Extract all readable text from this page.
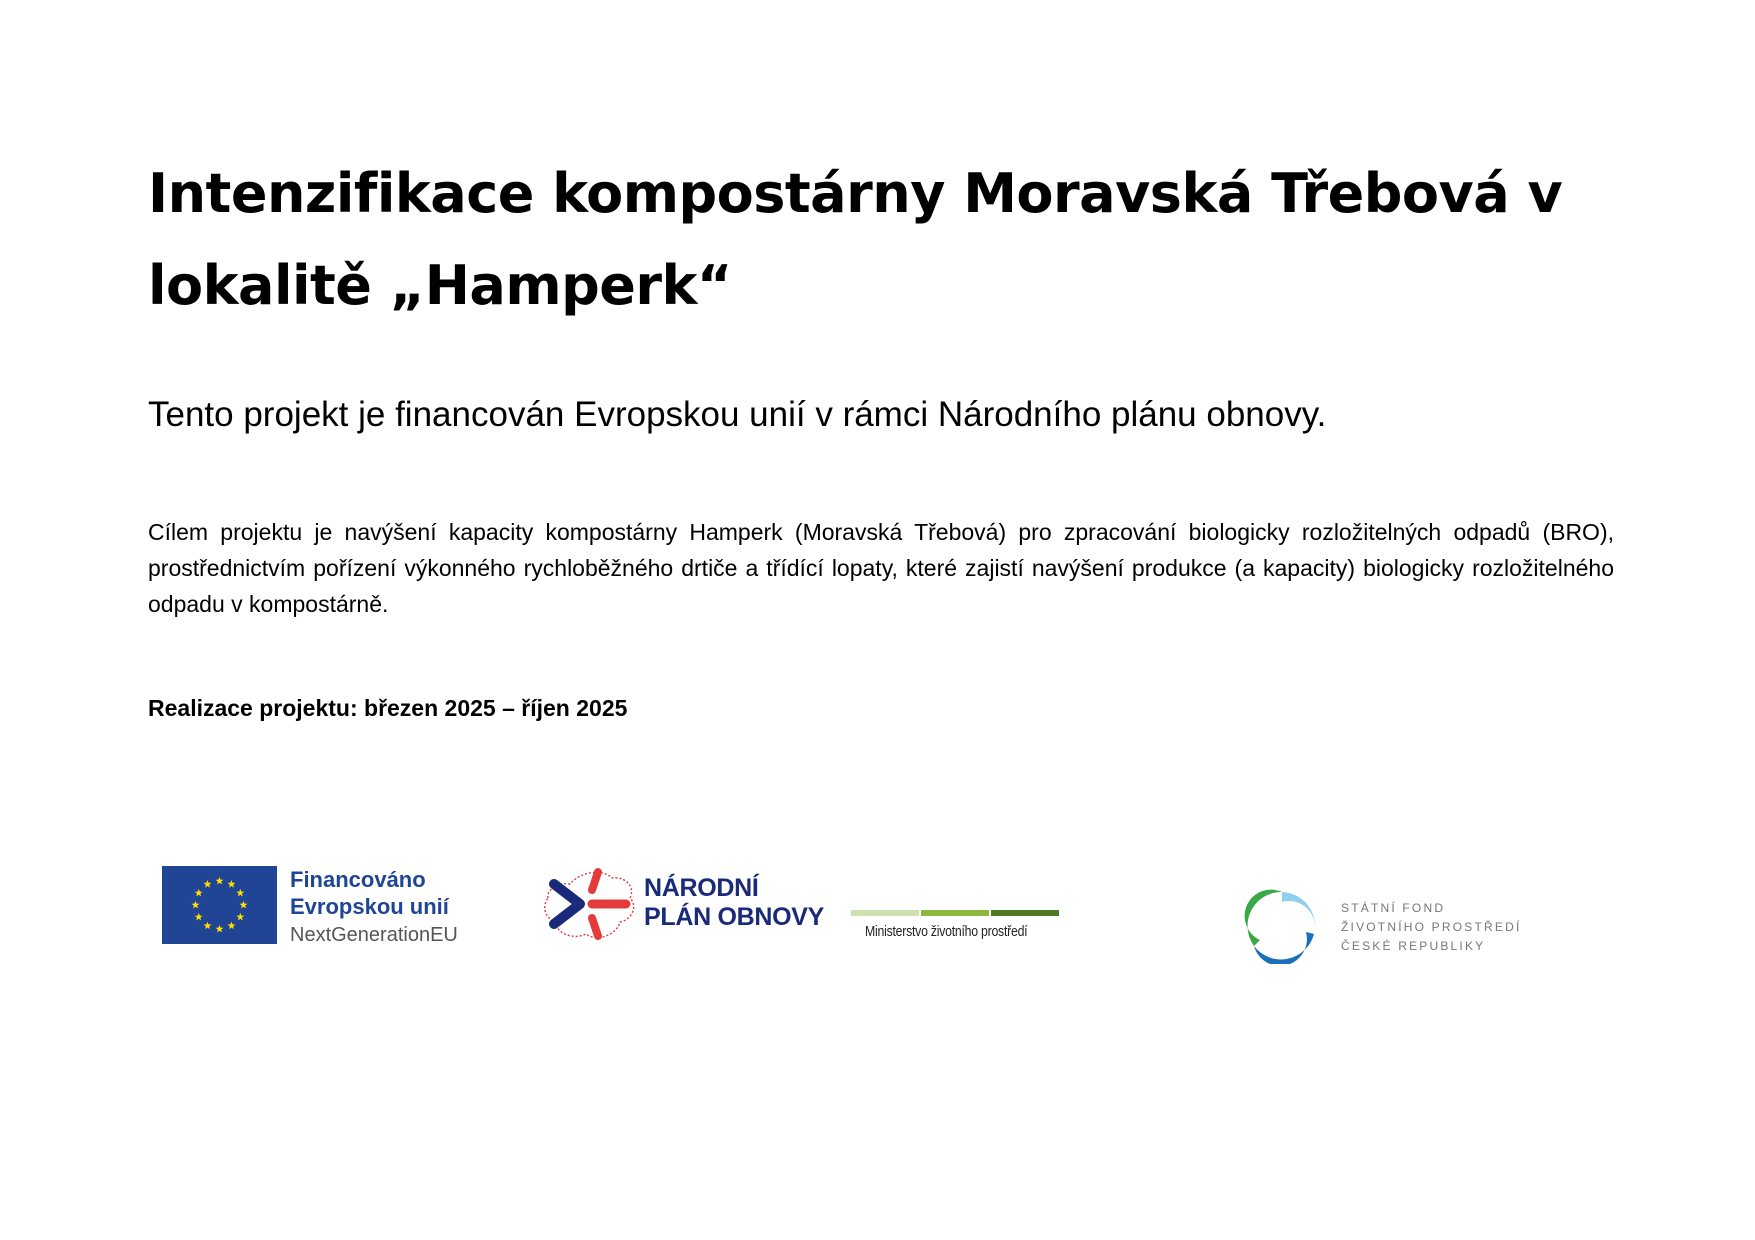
Intenzifikace kompostárny Moravská Třebová v lokalitě „Hamperk“

Tento projekt je financován Evropskou unií v rámci Národního plánu obnovy.

Cílem projektu je navýšení kapacity kompostárny Hamperk (Moravská Třebová) pro zpracování biologicky rozložitelných odpadů (BRO), prostřednictvím pořízení výkonného rychloběžného drtiče a třídící lopaty, které zajistí navýšení produkce (a kapacity) biologicky rozložitelného odpadu v kompostárně.

Realizace projektu: březen 2025 – říjen 2025

Financováno
Evropskou unií
NextGenerationEU
NÁRODNÍ
PLÁN OBNOVY
Ministerstvo životního prostředí
STÁTNÍ FOND
ŽIVOTNÍHO PROSTŘEDÍ
ČESKÉ REPUBLIKY
